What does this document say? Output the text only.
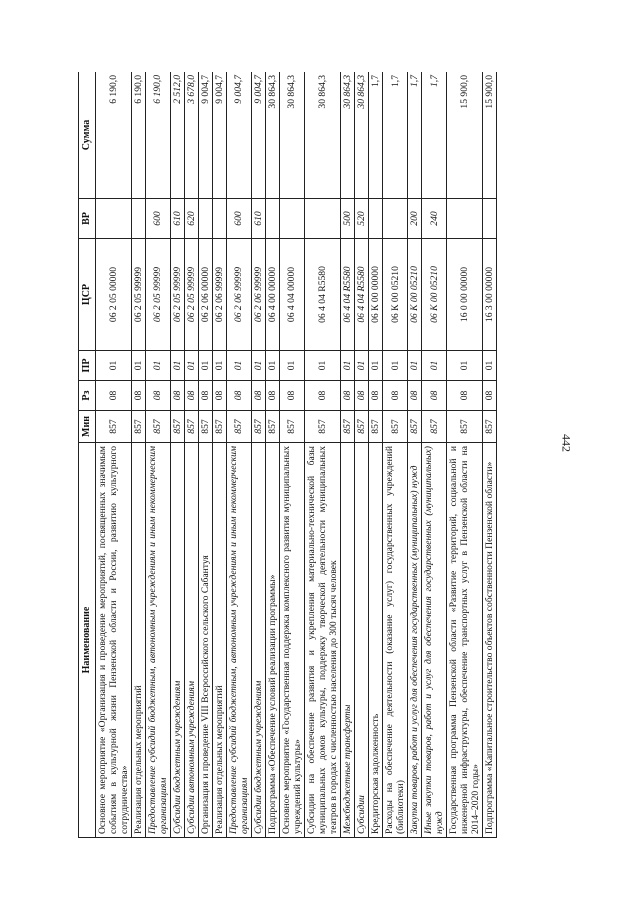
442
Наименование	Мин	Рз	ПР	ЦСР	ВР	Сумма
Основное мероприятие «Организация и проведение мероприятий, посвященных значимым событиям в культурной жизни Пензенской области и России, развитию культурного сотрудничества»	857	08	01	06 2 05 00000		6 190,0
Реализация отдельных мероприятий	857	08	01	06 2 05 99999		6 190,0
Предоставление субсидий бюджетным, автономным учреждениям и иным некоммерческим организациям	857	08	01	06 2 05 99999	600	6 190,0
Субсидии бюджетным учреждениям	857	08	01	06 2 05 99999	610	2 512,0
Субсидии автономным учреждениям	857	08	01	06 2 05 99999	620	3 678,0
Организация и проведение VIII Всероссийского сельского Сабантуя	857	08	01	06 2 06 00000		9 004,7
Реализация отдельных мероприятий	857	08	01	06 2 06 99999		9 004,7
Предоставление субсидий бюджетным, автономным учреждениям и иным некоммерческим организациям	857	08	01	06 2 06 99999	600	9 004,7
Субсидии бюджетным учреждениям	857	08	01	06 2 06 99999	610	9 004,7
Подпрограмма «Обеспечение условий реализации программы»	857	08	01	06 4 00 00000		30 864,3
Основное мероприятие «Государственная поддержка комплексного развития муниципальных учреждений культуры»	857	08	01	06 4 04 00000		30 864,3
Субсидии на обеспечение развития и укрепления материально-технической базы муниципальных домов культуры, поддержку творческой деятельности муниципальных театров в городах с численностью населения до 300 тысяч человек	857	08	01	06 4 04 R5580		30 864,3
Межбюджетные трансферты	857	08	01	06 4 04 R5580	500	30 864,3
Субсидии	857	08	01	06 4 04 R5580	520	30 864,3
Кредиторская задолженность	857	08	01	06 К 00 00000		1,7
Расходы на обеспечение деятельности (оказание услуг) государственных учреждений (библиотеки)	857	08	01	06 К 00 05210		1,7
Закупка товаров, работ и услуг для обеспечения государственных (муниципальных) нужд	857	08	01	06 К 00 05210	200	1,7
Иные закупки товаров, работ и услуг для обеспечения государственных (муниципальных) нужд	857	08	01	06 К 00 05210	240	1,7
Государственная программа Пензенской области «Развитие территорий, социальной и инженерной инфраструктуры, обеспечение транспортных услуг в Пензенской области на 2014–2020 годы»	857	08	01	16 0 00 00000		15 900,0
Подпрограмма «Капитальное строительство объектов собственности Пензенской области»	857	08	01	16 3 00 00000		15 900,0
